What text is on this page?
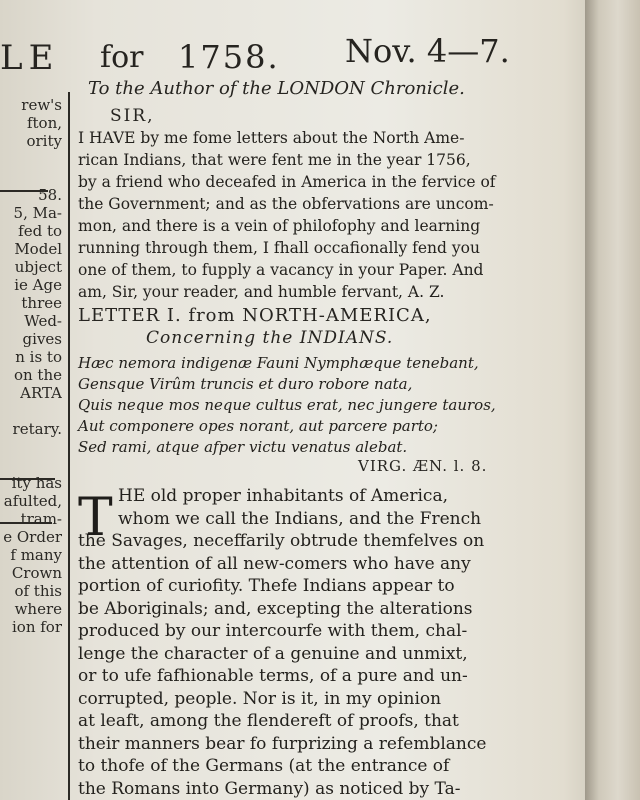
LE for 1758. Nov. 4—7.
rew's
fton,
ority
58.
5, Ma-
fed to
Model
ubject
ie Age
three
Wed-
gives
n is to
on the
ARTA
retary.
ity has
afulted,
tram-
e Order
f many
Crown
of this
where
ion for
To the Author of the LONDON Chronicle.
SIR,
I HAVE by me fome letters about the North Ame-
rican Indians, that were fent me in the year 1756,
by a friend who deceafed in America in the fervice of
the Government; and as the obfervations are uncom-
mon, and there is a vein of philofophy and learning
running through them, I fhall occafionally fend you
one of them, to fupply a vacancy in your Paper. And
am, Sir, your reader, and humble fervant, A. Z.
LETTER I. from NORTH-AMERICA,
Concerning the INDIANS.
Hæc nemora indigenæ Fauni Nymphæque tenebant,
Gensque Virûm truncis et duro robore nata,
Quis neque mos neque cultus erat, nec jungere tauros,
Aut componere opes norant, aut parcere parto;
Sed rami, atque afper victu venatus alebat.
VIRG. ÆN. l. 8.
T HE old proper inhabitants of America,
whom we call the Indians, and the French
the Savages, neceffarily obtrude themfelves on
the attention of all new-comers who have any
portion of curiofity. Thefe Indians appear to
be Aboriginals; and, excepting the alterations
produced by our intercourfe with them, chal-
lenge the character of a genuine and unmixt,
or to ufe fafhionable terms, of a pure and un-
corrupted, people. Nor is it, in my opinion
at leaft, among the flendereft of proofs, that
their manners bear fo furprizing a refemblance
to thofe of the Germans (at the entrance of
the Romans into Germany) as noticed by Ta-
